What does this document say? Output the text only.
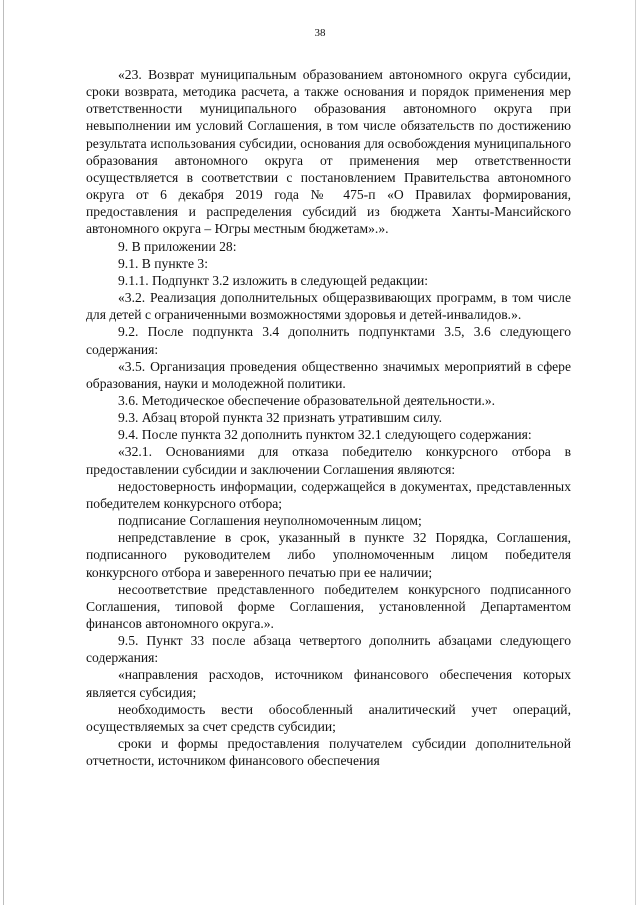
38

«23. Возврат муниципальным образованием автономного округа субсидии, сроки возврата, методика расчета, а также основания и порядок применения мер ответственности муниципального образования автономного округа при невыполнении им условий Соглашения, в том числе обязательств по достижению результата использования субсидии, основания для освобождения муниципального образования автономного округа от применения мер ответственности осуществляется в соответствии с постановлением Правительства автономного округа от 6 декабря 2019 года № 475-п «О Правилах формирования, предоставления и распределения субсидий из бюджета Ханты-Мансийского автономного округа – Югры местным бюджетам».».

9. В приложении 28:

9.1. В пункте 3:

9.1.1. Подпункт 3.2 изложить в следующей редакции:

«3.2. Реализация дополнительных общеразвивающих программ, в том числе для детей с ограниченными возможностями здоровья и детей-инвалидов.».

9.2. После подпункта 3.4 дополнить подпунктами 3.5, 3.6 следующего содержания:

«3.5. Организация проведения общественно значимых мероприятий в сфере образования, науки и молодежной политики.

3.6. Методическое обеспечение образовательной деятельности.».

9.3. Абзац второй пункта 32 признать утратившим силу.

9.4. После пункта 32 дополнить пунктом 32.1 следующего содержания:

«32.1. Основаниями для отказа победителю конкурсного отбора в предоставлении субсидии и заключении Соглашения являются:

недостоверность информации, содержащейся в документах, представленных победителем конкурсного отбора;

подписание Соглашения неуполномоченным лицом;

непредставление в срок, указанный в пункте 32 Порядка, Соглашения, подписанного руководителем либо уполномоченным лицом победителя конкурсного отбора и заверенного печатью при ее наличии;

несоответствие представленного победителем конкурсного подписанного Соглашения, типовой форме Соглашения, установленной Департаментом финансов автономного округа.».

9.5. Пункт 33 после абзаца четвертого дополнить абзацами следующего содержания:

«направления расходов, источником финансового обеспечения которых является субсидия;

необходимость вести обособленный аналитический учет операций, осуществляемых за счет средств субсидии;

сроки и формы предоставления получателем субсидии дополнительной отчетности, источником финансового обеспечения
